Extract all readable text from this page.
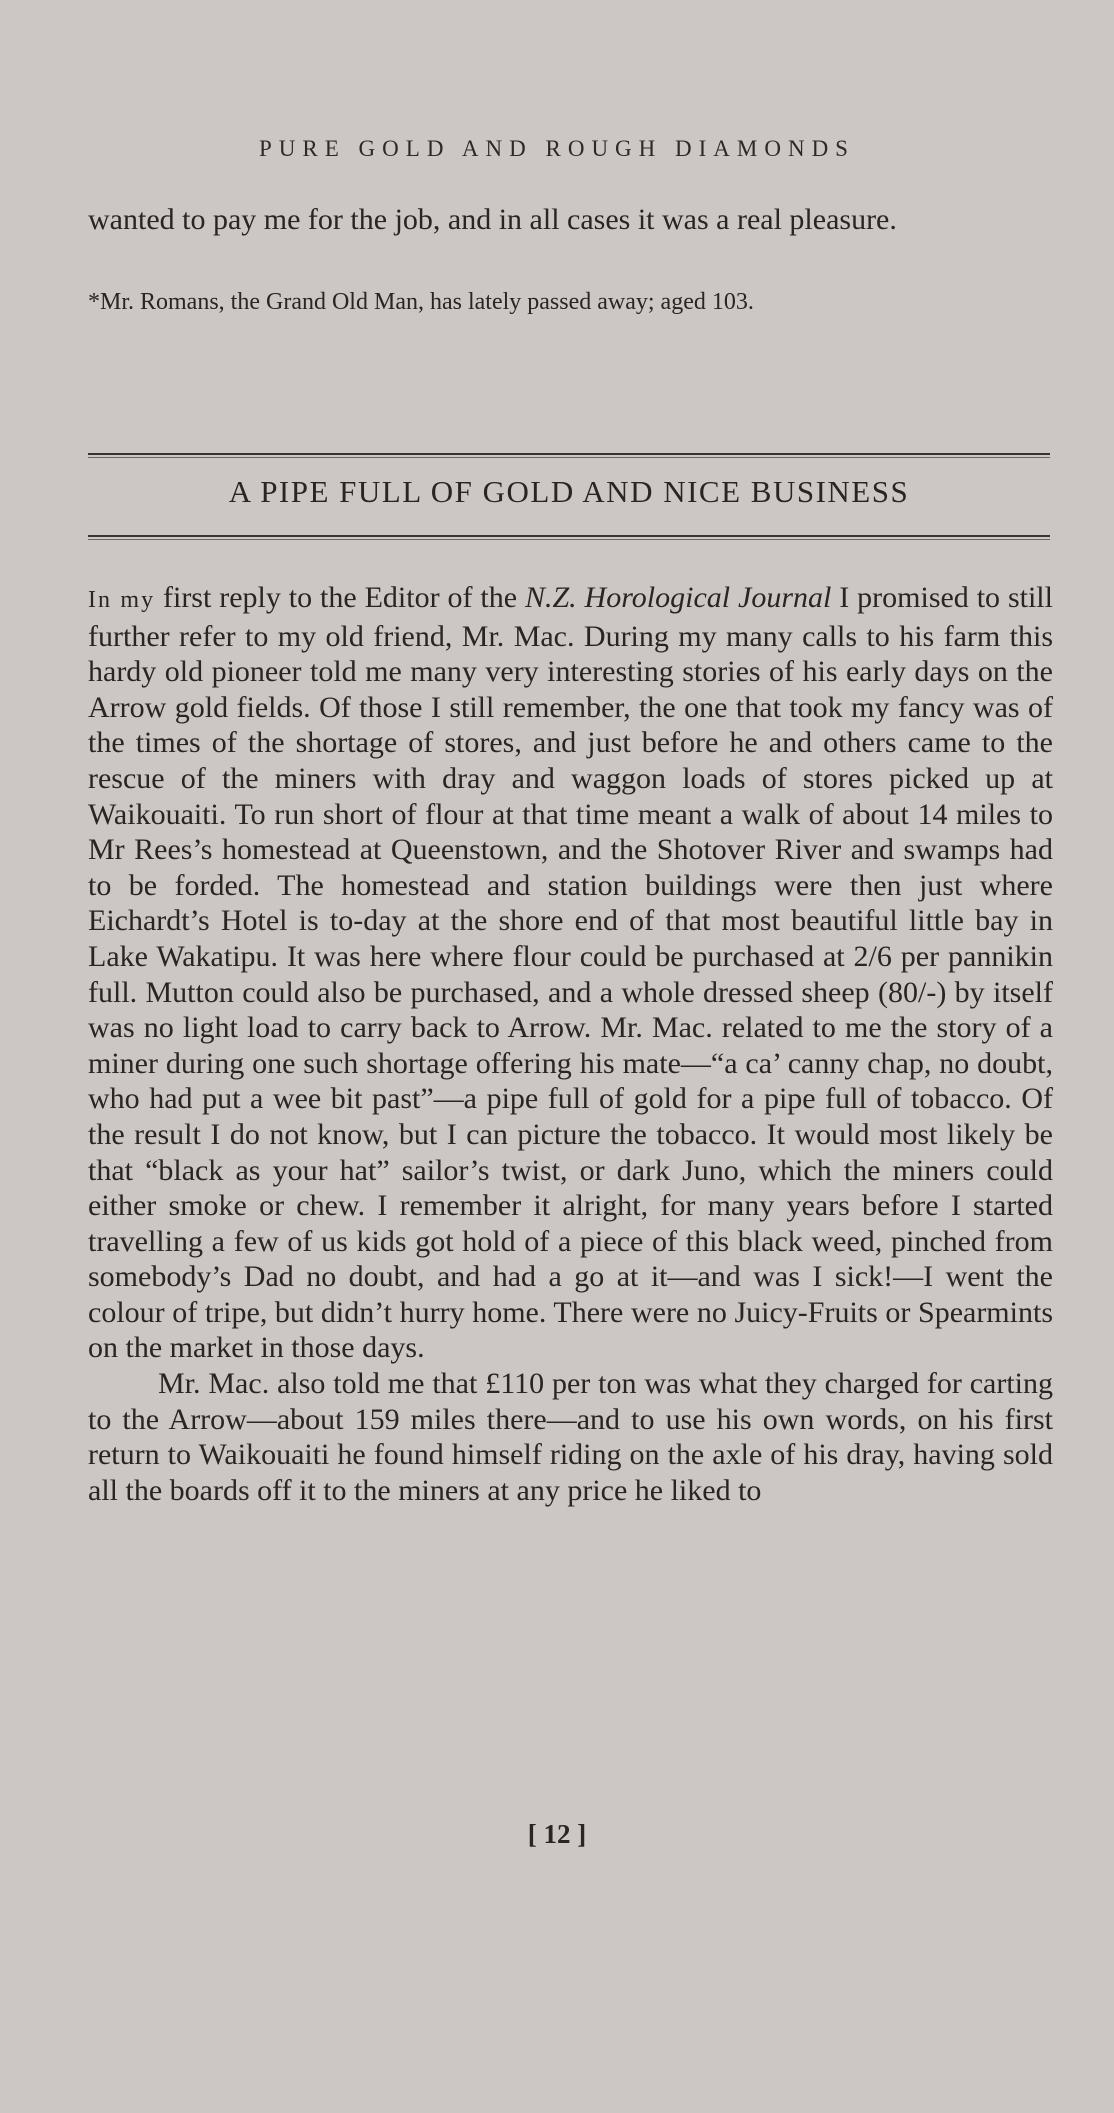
PURE GOLD AND ROUGH DIAMONDS

wanted to pay me for the job, and in all cases it was a real pleasure.

*Mr. Romans, the Grand Old Man, has lately passed away; aged 103.
A PIPE FULL OF GOLD AND NICE BUSINESS

In my first reply to the Editor of the N.Z. Horological Journal I promised to still further refer to my old friend, Mr. Mac. During my many calls to his farm this hardy old pioneer told me many very interesting stories of his early days on the Arrow gold fields. Of those I still remember, the one that took my fancy was of the times of the shortage of stores, and just before he and others came to the rescue of the miners with dray and waggon loads of stores picked up at Waikouaiti. To run short of flour at that time meant a walk of about 14 miles to Mr Rees’s homestead at Queenstown, and the Shotover River and swamps had to be forded. The homestead and station buildings were then just where Eichardt’s Hotel is to-day at the shore end of that most beautiful little bay in Lake Wakatipu. It was here where flour could be purchased at 2/6 per pannikin full. Mutton could also be purchased, and a whole dressed sheep (80/-) by itself was no light load to carry back to Arrow. Mr. Mac. related to me the story of a miner during one such shortage offering his mate—“a ca’ canny chap, no doubt, who had put a wee bit past”—a pipe full of gold for a pipe full of tobacco. Of the result I do not know, but I can picture the tobacco. It would most likely be that “black as your hat” sailor’s twist, or dark Juno, which the miners could either smoke or chew. I remember it alright, for many years before I started travelling a few of us kids got hold of a piece of this black weed, pinched from somebody’s Dad no doubt, and had a go at it—and was I sick!—I went the colour of tripe, but didn’t hurry home. There were no Juicy-Fruits or Spearmints on the market in those days.

Mr. Mac. also told me that £110 per ton was what they charged for carting to the Arrow—about 159 miles there—and to use his own words, on his first return to Waikouaiti he found himself riding on the axle of his dray, having sold all the boards off it to the miners at any price he liked to

[ 12 ]
